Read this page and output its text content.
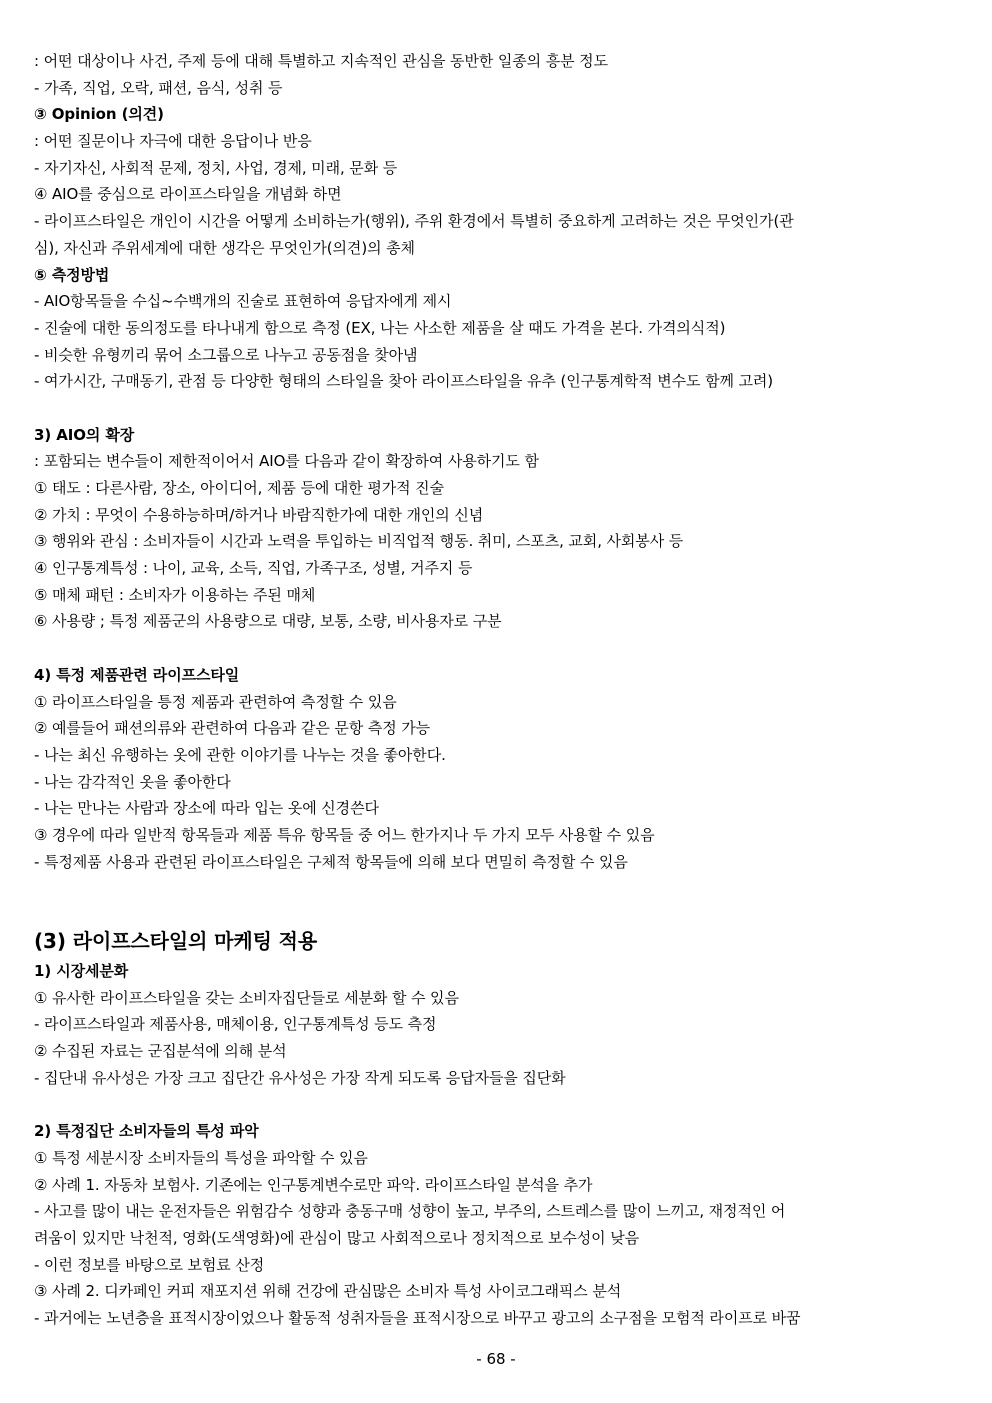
: 어떤 대상이나 사건, 주제 등에 대해 특별하고 지속적인 관심을 동반한 일종의 흥분 정도
- 가족, 직업, 오락, 패션, 음식, 성취 등
③ Opinion (의견)
: 어떤 질문이나 자극에 대한 응답이나 반응
- 자기자신, 사회적 문제, 정치, 사업, 경제, 미래, 문화 등
④ AIO를 중심으로 라이프스타일을 개념화 하면
- 라이프스타일은 개인이 시간을 어떻게 소비하는가(행위), 주위 환경에서 특별히 중요하게 고려하는 것은 무엇인가(관
심), 자신과 주위세계에 대한 생각은 무엇인가(의견)의 총체
⑤ 측정방법
- AIO항목들을 수십~수백개의 진술로 표현하여 응답자에게 제시
- 진술에 대한 동의정도를 타나내게 함으로 측정 (EX, 나는 사소한 제품을 살 때도 가격을 본다. 가격의식적)
- 비슷한 유형끼리 묶어 소그룹으로 나누고 공동점을 찾아냄
- 여가시간, 구매동기, 관점 등 다양한 형태의 스타일을 찾아 라이프스타일을 유추 (인구통계학적 변수도 함께 고려)
3) AIO의 확장
: 포함되는 변수들이 제한적이어서 AIO를 다음과 같이 확장하여 사용하기도 함
① 태도 : 다른사람, 장소, 아이디어, 제품 등에 대한 평가적 진술
② 가치 : 무엇이 수용하능하며/하거나 바람직한가에 대한 개인의 신념
③ 행위와 관심 : 소비자들이 시간과 노력을 투입하는 비직업적 행동. 취미, 스포츠, 교회, 사회봉사 등
④ 인구통계특성 : 나이, 교육, 소득, 직업, 가족구조, 성별, 거주지 등
⑤ 매체 패턴 : 소비자가 이용하는 주된 매체
⑥ 사용량 ; 특정 제품군의 사용량으로 대량, 보통, 소량, 비사용자로 구분
4) 특정 제품관련 라이프스타일
① 라이프스타일을 틍정 제품과 관련하여 측정할 수 있음
② 예를들어 패션의류와 관련하여 다음과 같은 문항 측정 가능
- 나는 최신 유행하는 옷에 관한 이야기를 나누는 것을 좋아한다.
- 나는 감각적인 옷을 좋아한다
- 나는 만나는 사람과 장소에 따라 입는 옷에 신경쓴다
③ 경우에 따라 일반적 항목들과 제품 특유 항목들 중 어느 한가지나 두 가지 모두 사용할 수 있음
- 특정제품 사용과 관련된 라이프스타일은 구체적 항목들에 의해 보다 면밀히 측정할 수 있음
(3) 라이프스타일의 마케팅 적용
1) 시장세분화
① 유사한 라이프스타일을 갖는 소비자집단들로 세분화 할 수 있음
- 라이프스타일과 제품사용, 매체이용, 인구통계특성 등도 측정
② 수집된 자료는 군집분석에 의해 분석
- 집단내 유사성은 가장 크고 집단간 유사성은 가장 작게 되도록 응답자들을 집단화
2) 특정집단 소비자들의 특성 파악
① 특정 세분시장 소비자들의 특성을 파악할 수 있음
② 사례 1. 자동차 보험사. 기존에는 인구통계변수로만 파악. 라이프스타일 분석을 추가
- 사고를 많이 내는 운전자들은 위험감수 성향과 충동구매 성향이 높고, 부주의, 스트레스를 많이 느끼고, 재정적인 어
려움이 있지만 낙천적, 영화(도색영화)에 관심이 많고 사회적으로나 정치적으로 보수성이 낮음
- 이런 정보를 바탕으로 보험료 산정
③ 사례 2. 디카페인 커피 재포지션 위해 건강에 관심많은 소비자 특성 사이코그래픽스 분석
- 과거에는 노년층을 표적시장이었으나 활동적 성취자들을 표적시장으로 바꾸고 광고의 소구점을 모험적 라이프로 바꿈
- 68 -
